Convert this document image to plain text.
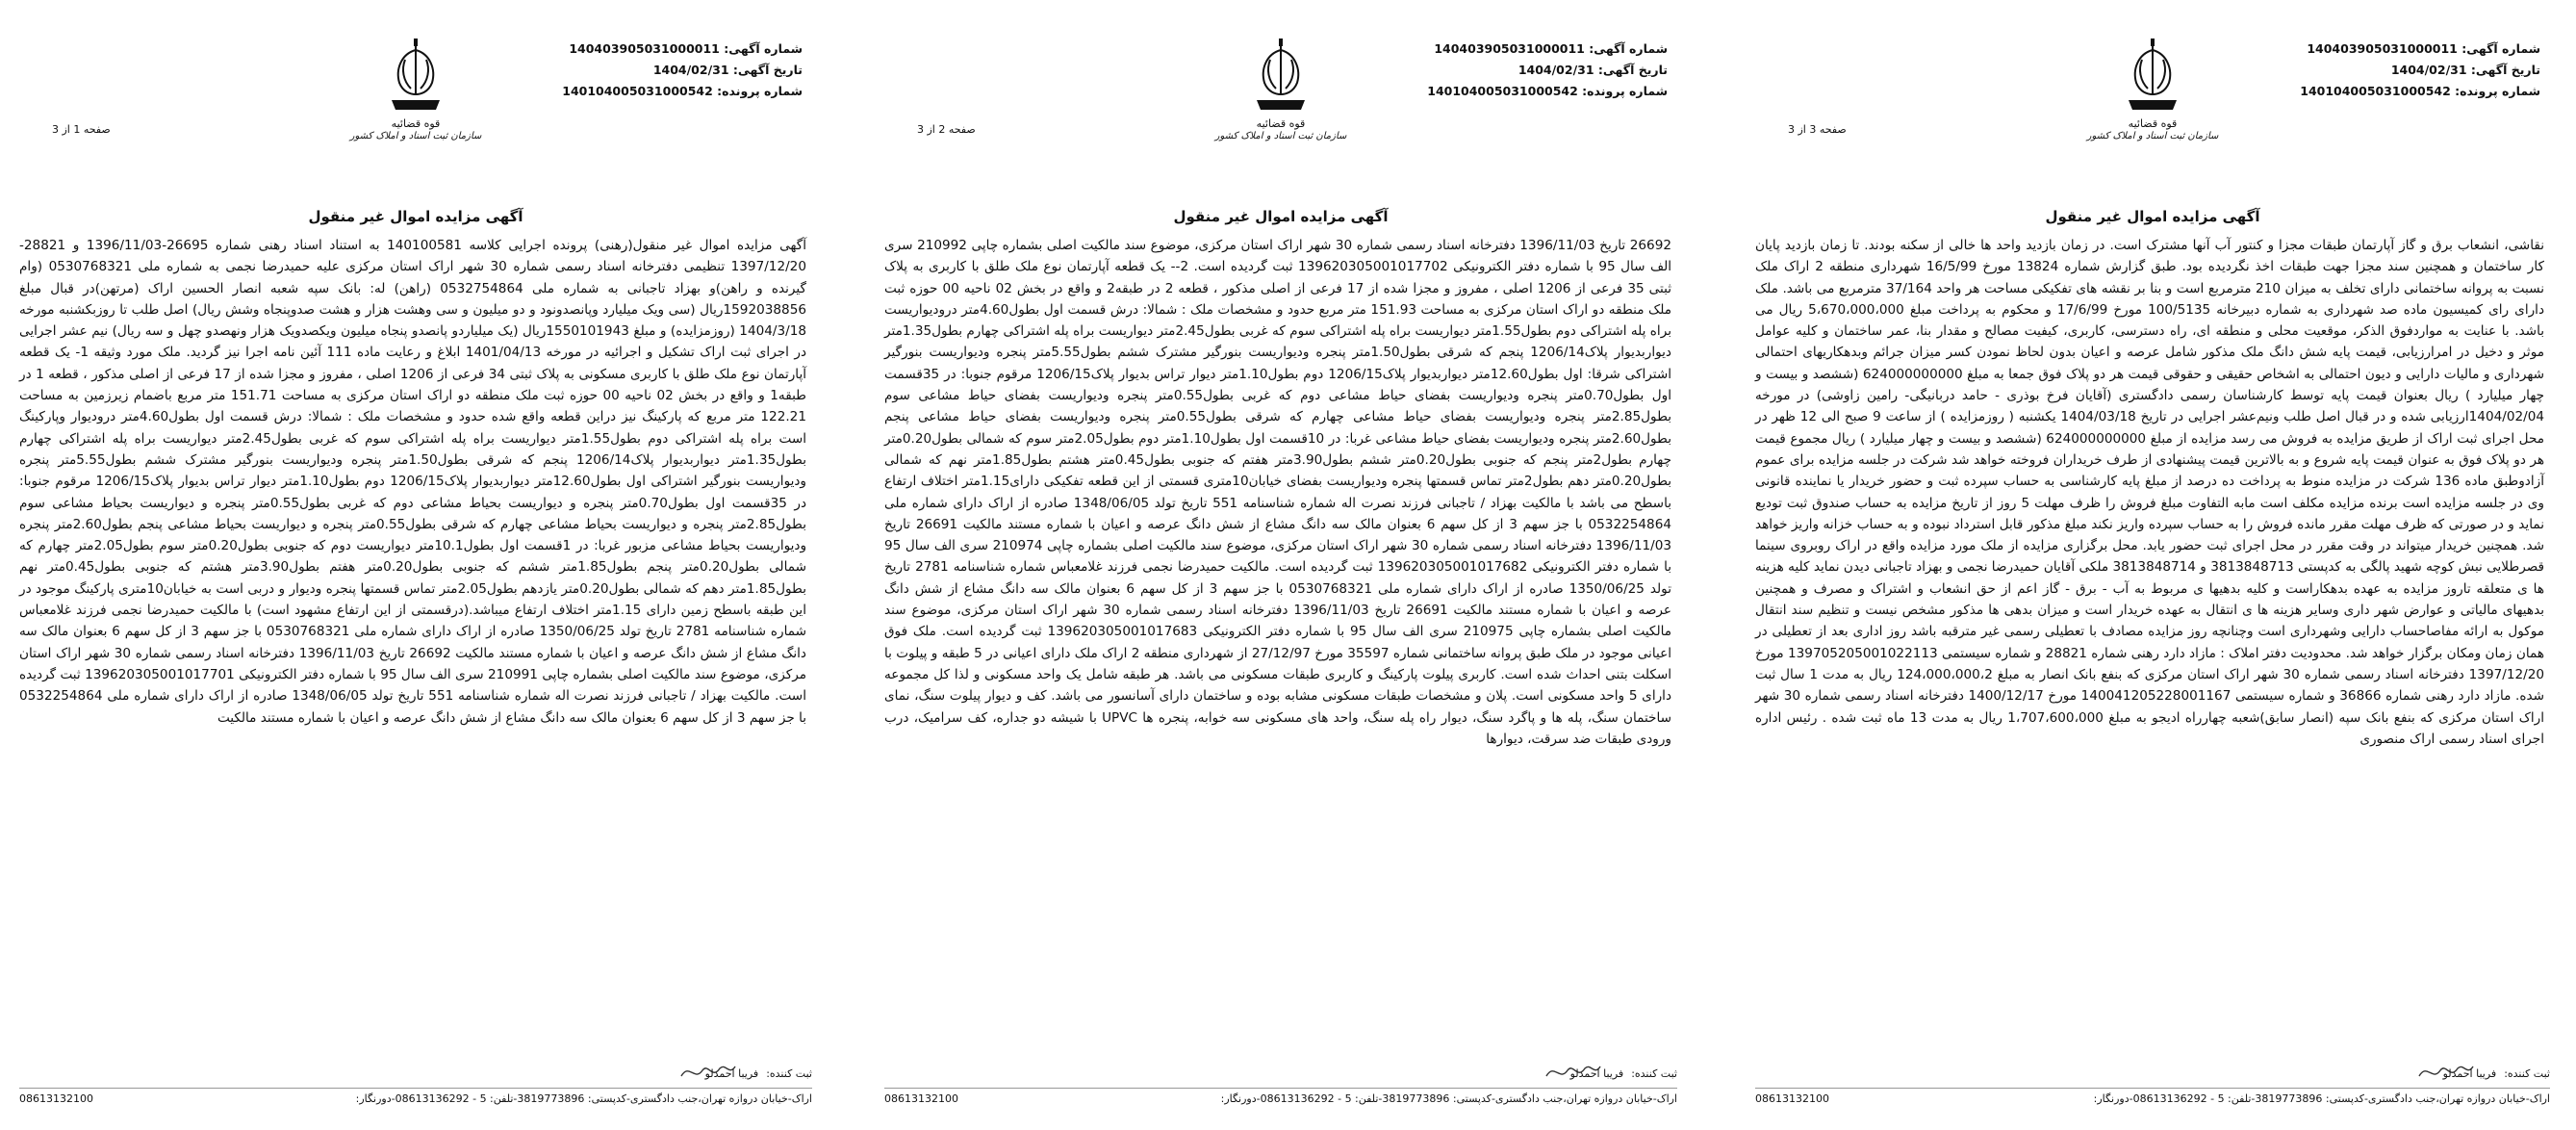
شماره آگهی: 140403905031000011
تاریخ آگهی: 1404/02/31
شماره پرونده: 140104005031000542
قوه قضائیه
سازمان ثبت اسناد و املاک کشور
صفحه 1 از 3
آگهی مزایده اموال غیر منقول
آگهی مزایده اموال غیر منقول(رهنی) پرونده اجرایی کلاسه 140100581 به استناد اسناد رهنی شماره 26695-1396/11/03 و 28821-1397/12/20 تنظیمی دفترخانه اسناد رسمی شماره 30 شهر اراک استان مرکزی علیه حمیدرضا نجمی به شماره ملی 0530768321 (وام گیرنده و راهن)و بهزاد تاجبانی به شماره ملی 0532754864 (راهن) له: بانک سپه شعبه انصار الحسین اراک (مرتهن)در قبال مبلغ 1592038856ریال (سی ویک میلیارد وپانصدونود و دو میلیون و سی وهشت هزار و هشت صدوپنجاه وشش ریال) اصل طلب تا روزبکشنبه مورخه 1404/3/18 (روزمزایده) و مبلغ 1550101943ریال (یک میلیاردو پانصدو پنجاه میلیون ویکصدویک هزار ونهصدو چهل و سه ریال) نیم عشر اجرایی در اجرای ثبت اراک تشکیل و اجرائیه در مورخه 1401/04/13 ابلاغ و رعایت ماده 111 آئین نامه اجرا نیز گردید. ملک مورد وثیقه 1- یک قطعه آپارتمان نوع ملک طلق با کاربری مسکونی به پلاک ثبتی 34 فرعی از 1206 اصلی ، مفروز و مجزا شده از 17 فرعی از اصلی مذکور ، قطعه 1 در طبقه1 و واقع در بخش 02 ناحیه 00 حوزه ثبت ملک منطقه دو اراک استان مرکزی به مساحت 151.71 متر مربع باضمام زیرزمین به مساحت 122.21 متر مربع که پارکینگ نیز دراین قطعه واقع شده حدود و مشخصات ملک : شمالا: درش قسمت اول بطول4.60متر درودیوار وپارکینگ است براه پله اشتراکی دوم بطول1.55متر دیواریست براه پله اشتراکی سوم که غربی بطول2.45متر دیواریست براه پله اشتراکی چهارم بطول1.35متر دیواربدیوار پلاک1206/14 پنجم که شرقی بطول1.50متر پنجره ودیواریست بنورگیر مشترک ششم بطول5.55متر پنجره ودیواریست بنورگیر اشتراکی اول بطول12.60متر دیواربدیوار پلاک1206/15 دوم بطول1.10متر دیوار تراس بدیوار پلاک1206/15 مرقوم جنوبا: در 35قسمت اول بطول0.70متر پنجره و دیواریست بحیاط مشاعی دوم که غربی بطول0.55متر پنجره و دیواریست بحیاط مشاعی سوم بطول2.85متر پنجره و دیواریست بحیاط مشاعی چهارم که شرقی بطول0.55متر پنجره و دیواریست بحیاط مشاعی پنجم بطول2.60متر پنجره ودیواریست بحیاط مشاعی مزبور غربا: در 1قسمت اول بطول10.1متر دیواریست دوم که جنوبی بطول0.20متر سوم بطول2.05متر چهارم که شمالی بطول0.20متر پنجم بطول1.85متر ششم که جنوبی بطول0.20متر هفتم بطول3.90متر هشتم که جنوبی بطول0.45متر نهم بطول1.85متر دهم که شمالی بطول0.20متر یازدهم بطول2.05متر تماس قسمتها پنجره ودیوار و دربی است به خیابان10متری پارکینگ موجود در این طبقه باسطح زمین دارای 1.15متر اختلاف ارتفاع میباشد.(درقسمتی از این ارتفاع مشهود است) با مالکیت حمیدرضا نجمی فرزند غلامعباس شماره شناسنامه 2781 تاریخ تولد 1350/06/25 صادره از اراک دارای شماره ملی 0530768321 با جز سهم 3 از کل سهم 6 بعنوان مالک سه دانگ مشاع از شش دانگ عرصه و اعیان با شماره مستند مالکیت 26692 تاریخ 1396/11/03 دفترخانه اسناد رسمی شماره 30 شهر اراک استان مرکزی، موضوع سند مالکیت اصلی بشماره چاپی 210991 سری الف سال 95 با شماره دفتر الکترونیکی 139620305001017701 ثبت گردیده است. مالکیت بهزاد / تاجبانی فرزند نصرت اله شماره شناسنامه 551 تاریخ تولد 1348/06/05 صادره از اراک دارای شماره ملی 0532254864 با جز سهم 3 از کل سهم 6 بعنوان مالک سه دانگ مشاع از شش دانگ عرصه و اعیان با شماره مستند مالکیت
ثبت کننده:
فریبا احمدلو
اراک-خیابان دروازه تهران،جنب دادگستری-کدپستی: 3819773896-تلفن: 5 - 08613136292-دورنگار:
08613132100
شماره آگهی: 140403905031000011
تاریخ آگهی: 1404/02/31
شماره پرونده: 140104005031000542
قوه قضائیه
سازمان ثبت اسناد و املاک کشور
صفحه 2 از 3
آگهی مزایده اموال غیر منقول
26692 تاریخ 1396/11/03 دفترخانه اسناد رسمی شماره 30 شهر اراک استان مرکزی، موضوع سند مالکیت اصلی بشماره چاپی 210992 سری الف سال 95 با شماره دفتر الکترونیکی 139620305001017702 ثبت گردیده است. 2-- یک قطعه آپارتمان نوع ملک طلق با کاربری به پلاک ثبتی 35 فرعی از 1206 اصلی ، مفروز و مجزا شده از 17 فرعی از اصلی مذکور ، قطعه 2 در طبقه2 و واقع در بخش 02 ناحیه 00 حوزه ثبت ملک منطقه دو اراک استان مرکزی به مساحت 151.93 متر مربع حدود و مشخصات ملک : شمالا: درش قسمت اول بطول4.60متر درودیواریست براه پله اشتراکی دوم بطول1.55متر دیواریست براه پله اشتراکی سوم که غربی بطول2.45متر دیواریست براه پله اشتراکی چهارم بطول1.35متر دیواربدیوار پلاک1206/14 پنجم که شرقی بطول1.50متر پنجره ودیواریست بنورگیر مشترک ششم بطول5.55متر پنجره ودیواریست بنورگیر اشتراکی شرقا: اول بطول12.60متر دیواربدیوار پلاک1206/15 دوم بطول1.10متر دیوار تراس بدیوار پلاک1206/15 مرقوم جنوبا: در 35قسمت اول بطول0.70متر پنجره ودیواریست بفضای حیاط مشاعی دوم که غربی بطول0.55متر پنجره ودیواریست بفضای حیاط مشاعی سوم بطول2.85متر پنجره ودیواریست بفضای حیاط مشاعی چهارم که شرقی بطول0.55متر پنجره ودیواریست بفضای حیاط مشاعی پنجم بطول2.60متر پنجره ودیواریست بفضای حیاط مشاعی غربا: در 10قسمت اول بطول1.10متر دوم بطول2.05متر سوم که شمالی بطول0.20متر چهارم بطول2متر پنجم که جنوبی بطول0.20متر ششم بطول3.90متر هفتم که جنوبی بطول0.45متر هشتم بطول1.85متر نهم که شمالی بطول0.20متر دهم بطول2متر تماس قسمتها پنجره ودیواریست بفضای خیابان10متری قسمتی از این قطعه تفکیکی دارای1.15متر اختلاف ارتفاع باسطح می باشد با مالکیت بهزاد / تاجبانی فرزند نصرت اله شماره شناسنامه 551 تاریخ تولد 1348/06/05 صادره از اراک دارای شماره ملی 0532254864 با جز سهم 3 از کل سهم 6 بعنوان مالک سه دانگ مشاع از شش دانگ عرصه و اعیان با شماره مستند مالکیت 26691 تاریخ 1396/11/03 دفترخانه اسناد رسمی شماره 30 شهر اراک استان مرکزی، موضوع سند مالکیت اصلی بشماره چاپی 210974 سری الف سال 95 با شماره دفتر الکترونیکی 139620305001017682 ثبت گردیده است. مالکیت حمیدرضا نجمی فرزند غلامعباس شماره شناسنامه 2781 تاریخ تولد 1350/06/25 صادره از اراک دارای شماره ملی 0530768321 با جز سهم 3 از کل سهم 6 بعنوان مالک سه دانگ مشاع از شش دانگ عرصه و اعیان با شماره مستند مالکیت 26691 تاریخ 1396/11/03 دفترخانه اسناد رسمی شماره 30 شهر اراک استان مرکزی، موضوع سند مالکیت اصلی بشماره چاپی 210975 سری الف سال 95 با شماره دفتر الکترونیکی 139620305001017683 ثبت گردیده است. ملک فوق اعیانی موجود در ملک طبق پروانه ساختمانی شماره 35597 مورخ 27/12/97 از شهرداری منطقه 2 اراک ملک دارای اعیانی در 5 طبقه و پیلوت با اسکلت بتنی احداث شده است. کاربری پیلوت پارکینگ و کاربری طبقات مسکونی می باشد. هر طبقه شامل یک واحد مسکونی و لذا کل مجموعه دارای 5 واحد مسکونی است. پلان و مشخصات طبقات مسکونی مشابه بوده و ساختمان دارای آسانسور می باشد. کف و دیوار پیلوت سنگ، نمای ساختمان سنگ، پله ها و پاگرد سنگ، دیوار راه پله سنگ، واحد های مسکونی سه خوابه، پنجره ها UPVC با شیشه دو جداره، کف سرامیک، درب ورودی طبقات ضد سرقت، دیوارها
ثبت کننده:
فریبا احمدلو
اراک-خیابان دروازه تهران،جنب دادگستری-کدپستی: 3819773896-تلفن: 5 - 08613136292-دورنگار:
08613132100
شماره آگهی: 140403905031000011
تاریخ آگهی: 1404/02/31
شماره پرونده: 140104005031000542
قوه قضائیه
سازمان ثبت اسناد و املاک کشور
صفحه 3 از 3
آگهی مزایده اموال غیر منقول
نقاشی، انشعاب برق و گاز آپارتمان طبقات مجزا و کنتور آب آنها مشترک است. در زمان بازدید واحد ها خالی از سکنه بودند. تا زمان بازدید پایان کار ساختمان و همچنین سند مجزا جهت طبقات اخذ نگردیده بود. طبق گزارش شماره 13824 مورخ 16/5/99 شهرداری منطقه 2 اراک ملک نسبت به پروانه ساختمانی دارای تخلف به میزان 210 مترمربع است و بنا بر نقشه های تفکیکی مساحت هر واحد 37/164 مترمربع می باشد. ملک دارای رای کمیسیون ماده صد شهرداری به شماره دبیرخانه 100/5135 مورخ 17/6/99 و محکوم به پرداخت مبلغ 5،670،000،000 ریال می باشد. با عنایت به مواردفوق الذکر، موقعیت محلی و منطقه ای، راه دسترسی، کاربری، کیفیت مصالح و مقدار بنا، عمر ساختمان و کلیه عوامل موثر و دخیل در امرارزیابی، قیمت پایه شش دانگ ملک مذکور شامل عرصه و اعیان بدون لحاظ نمودن کسر میزان جرائم وبدهکاریهای احتمالی شهرداری و مالیات دارایی و دیون احتمالی به اشخاص حقیقی و حقوقی قیمت هر دو پلاک فوق جمعا به مبلغ 624000000000 (ششصد و بیست و چهار میلیارد ) ریال بعنوان قیمت پایه توسط کارشناسان رسمی دادگستری (آقایان فرخ بوذری - حامد دربانیگی- رامین زاوشی) در مورخه 1404/02/04ارزیابی شده و در قبال اصل طلب ونیم‌عشر اجرایی در تاریخ 1404/03/18 یکشنبه ( روزمزایده ) از ساعت 9 صبح الی 12 ظهر در محل اجرای ثبت اراک از طریق مزایده به فروش می رسد مزایده از مبلغ 624000000000 (ششصد و بیست و چهار میلیارد ) ریال مجموع قیمت هر دو پلاک فوق به عنوان قیمت پایه شروع و به بالاترین قیمت پیشنهادی از طرف خریداران فروخته خواهد شد شرکت در جلسه مزایده برای عموم آزادوطبق ماده 136 شرکت در مزایده منوط به پرداخت ده درصد از مبلغ پایه کارشناسی به حساب سپرده ثبت و حضور خریدار یا نماینده قانونی وی در جلسه مزایده است برنده مزایده مکلف است مابه التفاوت مبلغ فروش را ظرف مهلت 5 روز از تاریخ مزایده به حساب صندوق ثبت تودیع نماید و در صورتی که ظرف مهلت مقرر مانده فروش را به حساب سپرده واریز نکند مبلغ مذکور قابل استرداد نبوده و به حساب خزانه واریز خواهد شد. همچنین خریدار میتواند در وقت مقرر در محل اجرای ثبت حضور یابد. محل برگزاری مزایده از ملک مورد مزایده واقع در اراک روبروی سینما قصرطلایی نبش کوچه شهید پالگی به کدپستی 3813848713 و 3813848714 ملکی آقایان حمیدرضا نجمی و بهزاد تاجبانی دیدن نماید کلیه هزینه ها ی متعلقه تاروز مزایده به عهده بدهکاراست و کلیه بدهیها ی مربوط به آب - برق - گاز اعم از حق انشعاب و اشتراک و مصرف و همچنین بدهیهای مالیاتی و عوارض شهر داری وسایر هزینه ها ی انتقال به عهده خریدار است و میزان بدهی ها مذکور مشخص نیست و تنظیم سند انتقال موکول به ارائه مفاصاحساب دارایی وشهرداری است وچنانچه روز مزایده مصادف با تعطیلی رسمی غیر مترقبه باشد روز اداری بعد از تعطیلی در همان زمان ومکان برگزار خواهد شد. محدودیت دفتر املاک : مازاد دارد رهنی شماره 28821 و شماره سیستمی 139705205001022113 مورخ 1397/12/20 دفترخانه اسناد رسمی شماره 30 شهر اراک استان مرکزی که بنفع بانک انصار به مبلغ 124،000،000،2 ریال به مدت 1 سال ثبت شده. مازاد دارد رهنی شماره 36866 و شماره سیستمی 140041205228001167 مورخ 1400/12/17 دفترخانه اسناد رسمی شماره 30 شهر اراک استان مرکزی که بنفع بانک سپه (انصار سابق)شعبه چهارراه ادیجو به مبلغ 1،707،600،000 ریال به مدت 13 ماه ثبت شده . رئیس اداره اجرای اسناد رسمی اراک منصوری
ثبت کننده:
فریبا احمدلو
اراک-خیابان دروازه تهران،جنب دادگستری-کدپستی: 3819773896-تلفن: 5 - 08613136292-دورنگار:
08613132100
